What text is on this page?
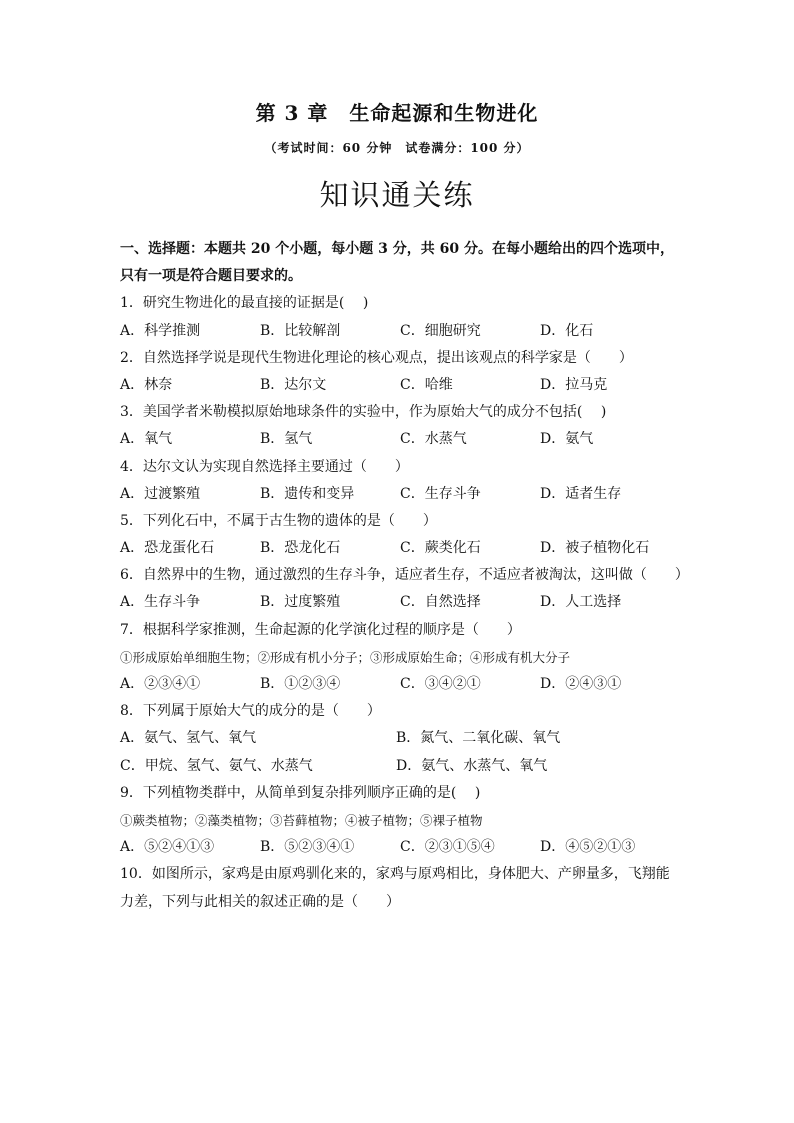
第 3 章　生命起源和生物进化
（考试时间：60 分钟　试卷满分：100 分）
知识通关练
一、选择题：本题共 20 个小题，每小题 3 分，共 60 分。在每小题给出的四个选项中，只有一项是符合题目要求的。
1．研究生物进化的最直接的证据是(　 )
A．科学推测	B．比较解剖	C．细胞研究	D．化石
2．自然选择学说是现代生物进化理论的核心观点，提出该观点的科学家是（　　）
A．林奈	B．达尔文	C．哈维	D．拉马克
3．美国学者米勒模拟原始地球条件的实验中，作为原始大气的成分不包括(　 )
A．氧气	B．氢气	C．水蒸气	D．氨气
4．达尔文认为实现自然选择主要通过（　　）
A．过渡繁殖	B．遗传和变异	C．生存斗争	D．适者生存
5．下列化石中，不属于古生物的遗体的是（　　）
A．恐龙蛋化石	B．恐龙化石	C．蕨类化石	D．被子植物化石
6．自然界中的生物，通过激烈的生存斗争，适应者生存，不适应者被淘汰，这叫做（　　）
A．生存斗争	B．过度繁殖	C．自然选择	D．人工选择
7．根据科学家推测，生命起源的化学演化过程的顺序是（　　）
①形成原始单细胞生物；②形成有机小分子；③形成原始生命；④形成有机大分子
A．②③④①	B．①②③④	C．③④②①	D．②④③①
8．下列属于原始大气的成分的是（　　）
A．氨气、氢气、氧气	B．氮气、二氧化碳、氧气
C．甲烷、氢气、氨气、水蒸气	D．氨气、水蒸气、氧气
9．下列植物类群中，从简单到复杂排列顺序正确的是(　 )
①蕨类植物；②藻类植物；③苔藓植物；④被子植物；⑤裸子植物
A．⑤②④①③	B．⑤②③④①	C．②③①⑤④	D．④⑤②①③
10．如图所示，家鸡是由原鸡驯化来的，家鸡与原鸡相比，身体肥大、产卵量多，飞翔能力差，下列与此相关的叙述正确的是（　　）
